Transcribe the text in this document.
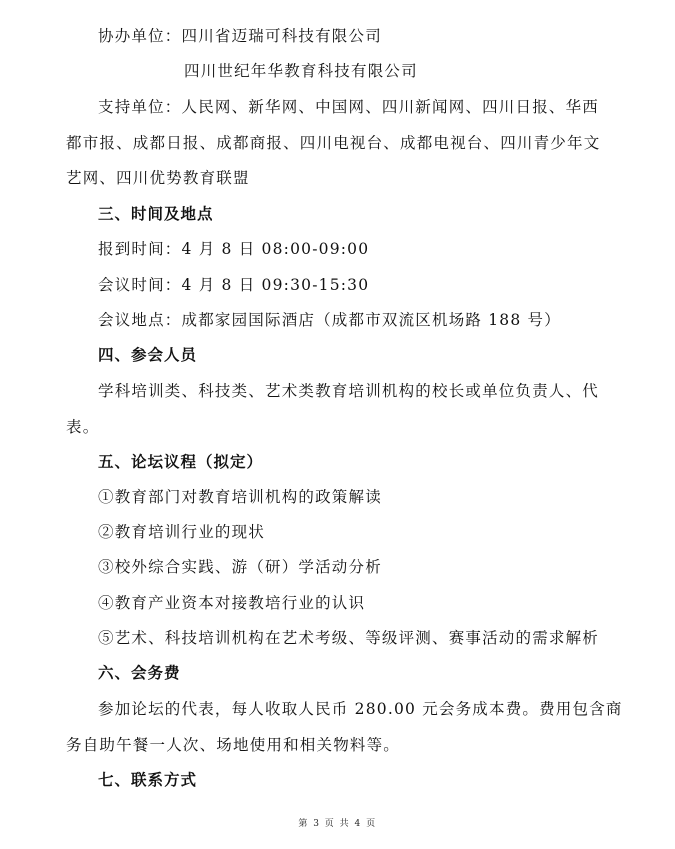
协办单位：四川省迈瑞可科技有限公司
四川世纪年华教育科技有限公司
支持单位：人民网、新华网、中国网、四川新闻网、四川日报、华西
都市报、成都日报、成都商报、四川电视台、成都电视台、四川青少年文
艺网、四川优势教育联盟
三、时间及地点
报到时间：4 月 8 日 08:00-09:00
会议时间：4 月 8 日 09:30-15:30
会议地点：成都家园国际酒店（成都市双流区机场路 188 号）
四、参会人员
学科培训类、科技类、艺术类教育培训机构的校长或单位负责人、代
表。
五、论坛议程（拟定）
①教育部门对教育培训机构的政策解读
②教育培训行业的现状
③校外综合实践、游（研）学活动分析
④教育产业资本对接教培行业的认识
⑤艺术、科技培训机构在艺术考级、等级评测、赛事活动的需求解析
六、会务费
参加论坛的代表，每人收取人民币 280.00 元会务成本费。费用包含商
务自助午餐一人次、场地使用和相关物料等。
七、联系方式
第 3 页 共 4 页
